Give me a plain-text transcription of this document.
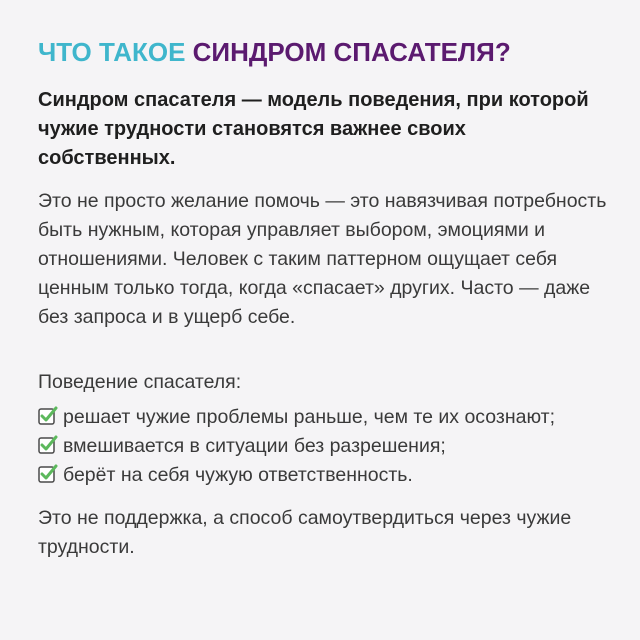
ЧТО ТАКОЕ СИНДРОМ СПАСАТЕЛЯ?

Синдром спасателя — модель поведения, при которой чужие трудности становятся важнее своих собственных.

Это не просто желание помочь — это навязчивая потребность быть нужным, которая управляет выбором, эмоциями и отношениями. Человек с таким паттерном ощущает себя ценным только тогда, когда «спасает» других. Часто — даже без запроса и в ущерб себе.

Поведение спасателя:

решает чужие проблемы раньше, чем те их осознают;
вмешивается в ситуации без разрешения;
берёт на себя чужую ответственность.

Это не поддержка, а способ самоутвердиться через чужие трудности.
